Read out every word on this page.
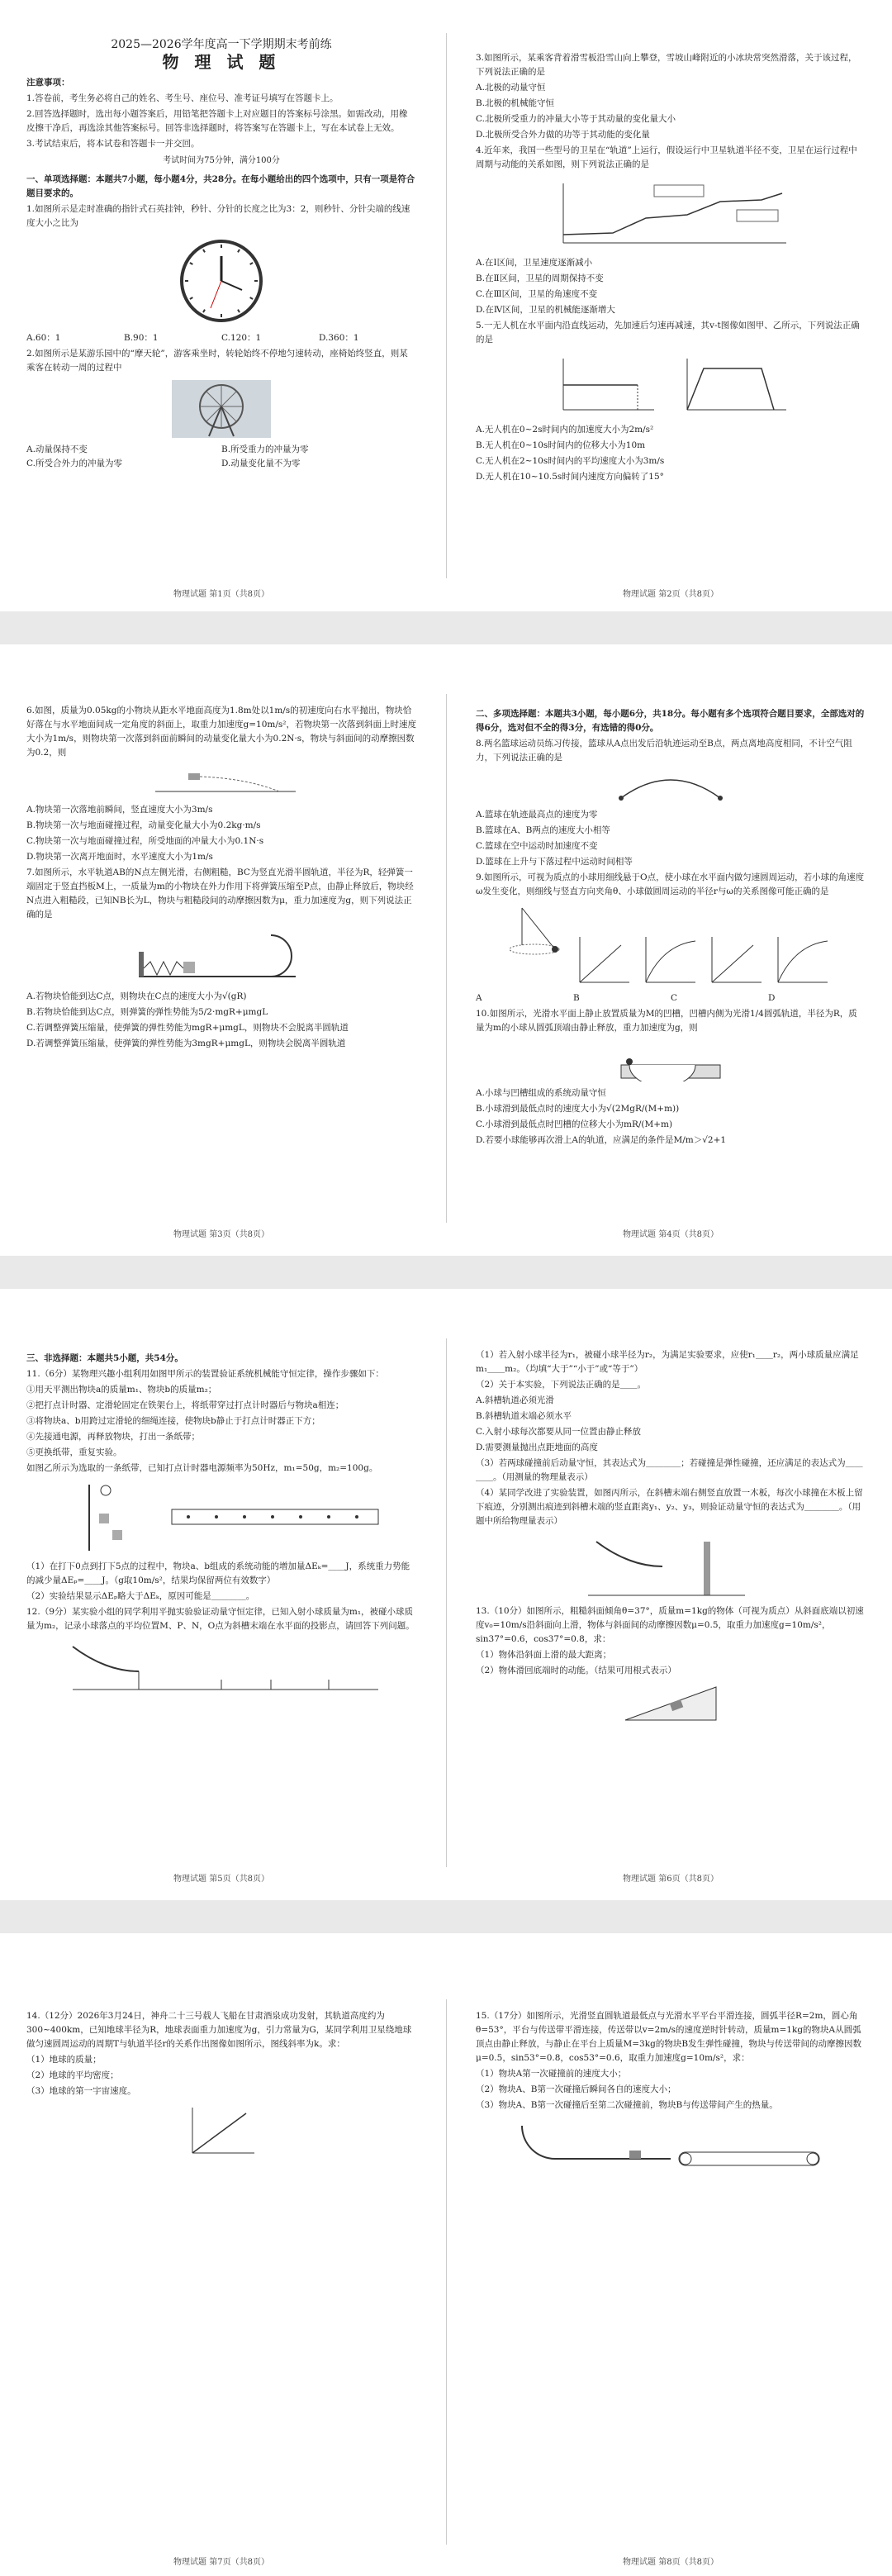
2025—2026学年度高一下学期期末考前练
物 理 试 题
注意事项：

1.答卷前，考生务必将自己的姓名、考生号、座位号、准考证号填写在答题卡上。

2.回答选择题时，选出每小题答案后，用铅笔把答题卡上对应题目的答案标号涂黑。如需改动，用橡皮擦干净后，再选涂其他答案标号。回答非选择题时，将答案写在答题卡上，写在本试卷上无效。

3.考试结束后，将本试卷和答题卡一并交回。

考试时间为75分钟，满分100分
一、单项选择题：本题共7小题，每小题4分，共28分。在每小题给出的四个选项中，只有一项是符合题目要求的。

1.如图所示是走时准确的指针式石英挂钟，秒针、分针的长度之比为3：2，则秒针、分针尖端的线速度大小之比为

A.60：1	B.90：1	C.120：1	D.360：1

2.如图所示是某游乐园中的“摩天轮”，游客乘坐时，转轮始终不停地匀速转动，座椅始终竖直，则某乘客在转动一周的过程中

A.动量保持不变	B.所受重力的冲量为零
C.所受合外力的冲量为零	D.动量变化量不为零

3.如图所示，某乘客背着滑雪板沿雪山向上攀登，雪坡山峰附近的小冰块常突然滑落，关于该过程，下列说法正确的是

A.北极的动量守恒

B.北极的机械能守恒

C.北极所受重力的冲量大小等于其动量的变化量大小

D.北极所受合外力做的功等于其动能的变化量

4.近年来，我国一些型号的卫星在“轨道”上运行，假设运行中卫星轨道半径不变，卫星在运行过程中周期与动能的关系如图，则下列说法正确的是

A.在Ⅰ区间，卫星速度逐渐减小

B.在Ⅱ区间，卫星的周期保持不变

C.在Ⅲ区间，卫星的角速度不变

D.在Ⅳ区间，卫星的机械能逐渐增大

5.一无人机在水平面内沿直线运动，先加速后匀速再减速，其v-t图像如图甲、乙所示，下列说法正确的是

A.无人机在0~2s时间内的加速度大小为2m/s²

B.无人机在0~10s时间内的位移大小为10m

C.无人机在2~10s时间内的平均速度大小为3m/s

D.无人机在10~10.5s时间内速度方向偏转了15°

物理试题 第1页（共8页）	物理试题 第2页（共8页）

6.如图，质量为0.05kg的小物块从距水平地面高度为1.8m处以1m/s的初速度向右水平抛出，物块恰好落在与水平地面间成一定角度的斜面上，取重力加速度g=10m/s²，若物块第一次落到斜面上时速度大小为1m/s，则物块第一次落到斜面前瞬间的动量变化量大小为0.2N·s，物块与斜面间的动摩擦因数为0.2，则

A.物块第一次落地前瞬间，竖直速度大小为3m/s

B.物块第一次与地面碰撞过程，动量变化量大小为0.2kg·m/s

C.物块第一次与地面碰撞过程，所受地面的冲量大小为0.1N·s

D.物块第一次离开地面时，水平速度大小为1m/s

7.如图所示，水平轨道AB的N点左侧光滑，右侧粗糙，BC为竖直光滑半圆轨道，半径为R，轻弹簧一端固定于竖直挡板M上，一质量为m的小物块在外力作用下将弹簧压缩至P点，由静止释放后，物块经N点进入粗糙段，已知NB长为L，物块与粗糙段间的动摩擦因数为μ，重力加速度为g，则下列说法正确的是

A.若物块恰能到达C点，则物块在C点的速度大小为√(gR)

B.若物块恰能到达C点，则弹簧的弹性势能为5/2·mgR+μmgL

C.若调整弹簧压缩量，使弹簧的弹性势能为mgR+μmgL，则物块不会脱离半圆轨道

D.若调整弹簧压缩量，使弹簧的弹性势能为3mgR+μmgL，则物块会脱离半圆轨道

二、多项选择题：本题共3小题，每小题6分，共18分。每小题有多个选项符合题目要求，全部选对的得6分，选对但不全的得3分，有选错的得0分。

8.两名篮球运动员练习传接，篮球从A点出发后沿轨迹运动至B点，两点离地高度相同，不计空气阻力，下列说法正确的是

A.篮球在轨迹最高点的速度为零

B.篮球在A、B两点的速度大小相等

C.篮球在空中运动时加速度不变

D.篮球在上升与下落过程中运动时间相等

9.如图所示，可视为质点的小球用细线悬于O点，使小球在水平面内做匀速圆周运动，若小球的角速度ω发生变化，则细线与竖直方向夹角θ、小球做圆周运动的半径r与ω的关系图像可能正确的是

A	B	C	D

10.如图所示，光滑水平面上静止放置质量为M的凹槽，凹槽内侧为光滑1/4圆弧轨道，半径为R，质量为m的小球从圆弧顶端由静止释放，重力加速度为g，则

A.小球与凹槽组成的系统动量守恒

B.小球滑到最低点时的速度大小为√(2MgR/(M+m))

C.小球滑到最低点时凹槽的位移大小为mR/(M+m)

D.若要小球能够再次滑上A的轨道，应满足的条件是M/m＞√2+1

物理试题 第3页（共8页）	物理试题 第4页（共8页）
三、非选择题：本题共5小题，共54分。

11.（6分）某物理兴趣小组利用如图甲所示的装置验证系统机械能守恒定律，操作步骤如下：

①用天平测出物块a的质量m₁、物块b的质量m₂；

②把打点计时器、定滑轮固定在铁架台上，将纸带穿过打点计时器后与物块a相连；

③将物块a、b用跨过定滑轮的细绳连接，使物块b静止于打点计时器正下方；

④先接通电源，再释放物块，打出一条纸带；

⑤更换纸带，重复实验。

如图乙所示为选取的一条纸带，已知打点计时器电源频率为50Hz，m₁=50g，m₂=100g。

（1）在打下0点到打下5点的过程中，物块a、b组成的系统动能的增加量ΔEₖ=＿＿J，系统重力势能的减少量ΔEₚ=＿＿J。（g取10m/s²，结果均保留两位有效数字）

（2）实验结果显示ΔEₚ略大于ΔEₖ，原因可能是＿＿＿＿。

12.（9分）某实验小组的同学利用平抛实验验证动量守恒定律，已知入射小球质量为m₁，被碰小球质量为m₂，记录小球落点的平均位置M、P、N，O点为斜槽末端在水平面的投影点，请回答下列问题。

（1）若入射小球半径为r₁，被碰小球半径为r₂，为满足实验要求，应使r₁＿＿r₂，两小球质量应满足m₁＿＿m₂。（均填“大于”“小于”或“等于”）

（2）关于本实验，下列说法正确的是＿＿。

A.斜槽轨道必须光滑

B.斜槽轨道末端必须水平

C.入射小球每次都要从同一位置由静止释放

D.需要测量抛出点距地面的高度

（3）若两球碰撞前后动量守恒，其表达式为＿＿＿＿；若碰撞是弹性碰撞，还应满足的表达式为＿＿＿＿。（用测量的物理量表示）

（4）某同学改进了实验装置，如图丙所示，在斜槽末端右侧竖直放置一木板，每次小球撞在木板上留下痕迹，分别测出痕迹到斜槽末端的竖直距离y₁、y₂、y₃，则验证动量守恒的表达式为＿＿＿＿。（用题中所给物理量表示）

13.（10分）如图所示，粗糙斜面倾角θ=37°，质量m=1kg的物体（可视为质点）从斜面底端以初速度v₀=10m/s沿斜面向上滑，物体与斜面间的动摩擦因数μ=0.5，取重力加速度g=10m/s²，sin37°=0.6，cos37°=0.8，求：

（1）物体沿斜面上滑的最大距离；

（2）物体滑回底端时的动能。（结果可用根式表示）

物理试题 第5页（共8页）	物理试题 第6页（共8页）

14.（12分）2026年3月24日，神舟二十三号载人飞船在甘肃酒泉成功发射，其轨道高度约为300~400km，已知地球半径为R，地球表面重力加速度为g，引力常量为G，某同学利用卫星绕地球做匀速圆周运动的周期T与轨道半径r的关系作出图像如图所示，图线斜率为k。求：

（1）地球的质量；

（2）地球的平均密度；

（3）地球的第一宇宙速度。

15.（17分）如图所示，光滑竖直圆轨道最低点与光滑水平平台平滑连接，圆弧半径R=2m，圆心角θ=53°，平台与传送带平滑连接，传送带以v=2m/s的速度逆时针转动，质量m=1kg的物块A从圆弧顶点由静止释放，与静止在平台上质量M=3kg的物块B发生弹性碰撞，物块与传送带间的动摩擦因数μ=0.5，sin53°=0.8，cos53°=0.6，取重力加速度g=10m/s²，求：

（1）物块A第一次碰撞前的速度大小；

（2）物块A、B第一次碰撞后瞬间各自的速度大小；

（3）物块A、B第一次碰撞后至第二次碰撞前，物块B与传送带间产生的热量。

物理试题 第7页（共8页）	物理试题 第8页（共8页）
